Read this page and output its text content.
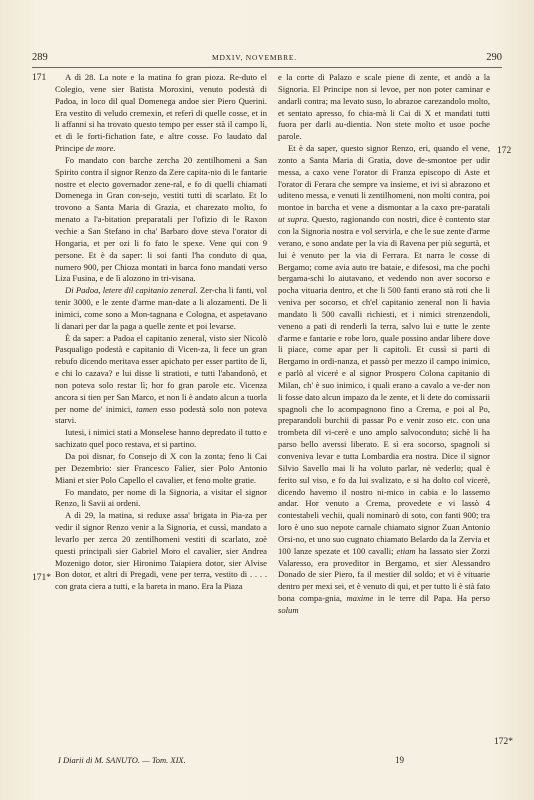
289	MDXIV, NOVEMBRE.	290
171
171*
172
172*

A dì 28. La note e la matina fo gran pioza. Re-duto el Colegio, vene sier Batista Moroxini, venuto podestà di Padoa, in loco dil qual Domenega andoe sier Piero Querini. Era vestito di veludo cremexin, et referì di quelle cosse, et in li affanni si ha trovato questo tempo per esser stà il campo lì, et di le forti-fichation fate, e altre cosse. Fo laudato dal Principe de more.

Fo mandato con barche zercha 20 zentilhomeni a San Spirito contra il signor Renzo da Zere capita-nio di le fantarie nostre et electo governador zene-ral, e fo di quelli chiamati Domenega in Gran con-sejo, vestiti tutti di scarlato. Et lo trovono a Santa Maria di Grazia, et charezato molto, fo menato a l'a-bitation preparatali per l'ofizio di le Raxon vechie a San Stefano in cha' Barbaro dove steva l'orator di Hongaria, et per ozi li fo fato le spexe. Vene qui con 9 persone. Et è da saper: li soi fanti l'ha conduto di qua, numero 900, per Chioza montati in barca fono mandati verso Liza Fusina, e de lì alozono in tri-visana.

Di Padoa, letere dil capitanio zeneral. Zer-cha li fanti, vol tenir 3000, e le zente d'arme man-date a li alozamenti. De li inimici, come sono a Mon-tagnana e Cologna, et aspetavano li danari per dar la paga a quelle zente et poi levarse.

È da saper: a Padoa el capitanio zeneral, visto sier Nicolò Pasqualigo podestà e capitanio di Vicen-za, li fece un gran rebufo dicendo meritava esser apichato per esser partito de lì, e chi lo cazava? e lui disse li stratioti, e tutti l'abandonò, et non poteva solo restar lì; hor fo gran parole etc. Vicenza ancora si tien per San Marco, et non li è andato alcun a tuorla per nome de' inimici, tamen esso podestà solo non poteva starvi.

Iutesi, i nimici stati a Monselese hanno depredato il tutto e sachizato quel poco restava, et si partino.

Da poi disnar, fo Consejo di X con la zonta; feno li Cai per Dezembrio: sier Francesco Falier, sier Polo Antonio Miani et sier Polo Capello el cavalier, et feno molte gratie.

Fo mandato, per nome di la Signoria, a visitar el signor Renzo, li Savii ai ordeni.

A dì 29, la matina, si reduxe assa' brigata in Pia-za per vedir il signor Renzo venir a la Signoria, et cussì, mandato a levarlo per zerca 20 zentilhomeni vestiti di scarlato, zoè questi principali sier Gabriel Moro el cavalier, sier Andrea Mozenigo dotor, sier Hironimo Taiapiera dotor, sier Alvise Bon dotor, et altri di Pregadi, vene per terra, vestito di . . . . con grata ciera a tutti, e la bareta in mano. Era la Piaza

e la corte di Palazo e scale piene di zente, et andò a la Signoria. El Principe non si levoe, per non poter caminar e andarli contra; ma levato suso, lo abrazoe carezandolo molto, et sentato apresso, fo chia-mà li Cai di X et mandati tutti fuora per darli au-dientia. Non stete molto et usoe poche parole.

Et è da saper, questo signor Renzo, eri, quando el vene, zonto a Santa Maria di Gratia, dove de-smontoe per udir messa, a caxo vene l'orator di Franza episcopo di Aste et l'orator di Ferara che sempre va insieme, et ivi si abrazono et uditeno messa, e venuti li zentilhomeni, non molti contra, poi montoe in barcha et vene a dismontar a la caxo pre-paratali ut supra. Questo, ragionando con nostri, dice è contento star con la Signoria nostra e vol servirla, e che le sue zente d'arme verano, e sono andate per la via di Ravena per più segurtà, et lui è venuto per la via di Ferrara. Et narra le cosse di Bergamo; come avia auto tre bataie, e difesosi, ma che pochi bergama-schi lo aiutavano, et vedendo non aver socorso e pocha vituaria dentro, et che li 500 fanti erano stà roti che li veniva per socorso, et ch'el capitanio zeneral non li havia mandato li 500 cavalli richiesti, et i nimici strenzendoli, veneno a pati di renderli la terra, salvo lui e tutte le zente d'arme e fantarie e robe loro, quale possino andar libere dove li piace, come apar per li capitoli. Et cussì si parti di Bergamo in ordi-nanza, et passò per mezzo il campo inimico, e parlò al viceré e al signor Prospero Colona capitanio di Milan, ch' è suo inimico, i quali erano a cavalo a ve-der non li fosse dato alcun impazo da le zente, et li dete do comissarii spagnoli che lo acompagnono fino a Crema, e poi al Po, preparandoli burchii di passar Po e venir zoso etc. con una trombeta dil vi-cerè e uno amplo salvoconduto; sichè li ha parso bello averssi liberato. E sì era socorso, spagnoli si conveniva levar e tutta Lombardia era nostra. Dice il signor Silvio Savello mai li ha voluto parlar, nè vederlo; qual è ferito sul viso, e fo da lui svalizato, e si ha dolto col vicerè, dicendo havemo il nostro ni-mico in cabia e lo lassemo andar. Hor venuto a Crema, provedete e vi lassò 4 contestabeli vechii, quali nominarò di soto, con fanti 900; tra loro è uno suo nepote carnale chiamato signor Zuan Antonio Orsi-no, et uno suo cugnato chiamato Belardo da la Zervia et 100 lanze spezate et 100 cavalli; etiam ha lassato sier Zorzi Valaresso, era proveditor in Bergamo, et sier Alessandro Donado de sier Piero, fa il mestier dil soldo; et vi è vituarie dentro per mexi sei, et è venuto di qui, et per tutto li è stà fato bona compa-gnia, maxime in le terre dil Papa. Ha perso solum

I Diarii di M. SANUTO. — Tom. XIX.	19
